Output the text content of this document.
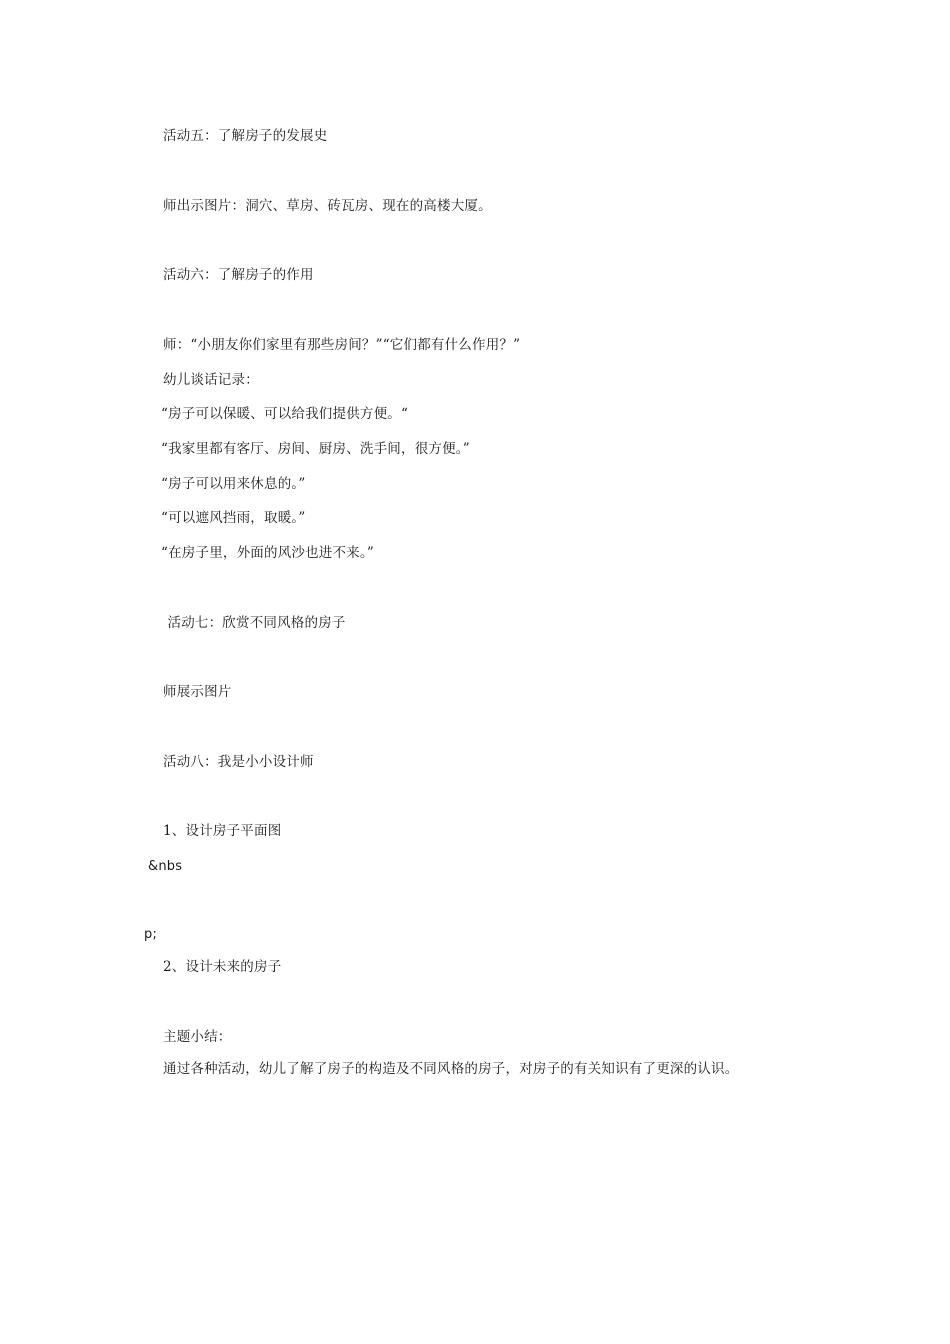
活动五：了解房子的发展史
师出示图片：洞穴、草房、砖瓦房、现在的高楼大厦。
活动六：了解房子的作用
师：“小朋友你们家里有那些房间？”“它们都有什么作用？”
幼儿谈话记录：
“房子可以保暖、可以给我们提供方便。“
“我家里都有客厅、房间、厨房、洗手间，很方便。”
“房子可以用来休息的。”
“可以遮风挡雨，取暖。”
“在房子里，外面的风沙也进不来。”
活动七：欣赏不同风格的房子
师展示图片
活动八：我是小小设计师
1、设计房子平面图
&nbs
p;
2、设计未来的房子
主题小结：
通过各种活动，幼儿了解了房子的构造及不同风格的房子，对房子的有关知识有了更深的认识。
